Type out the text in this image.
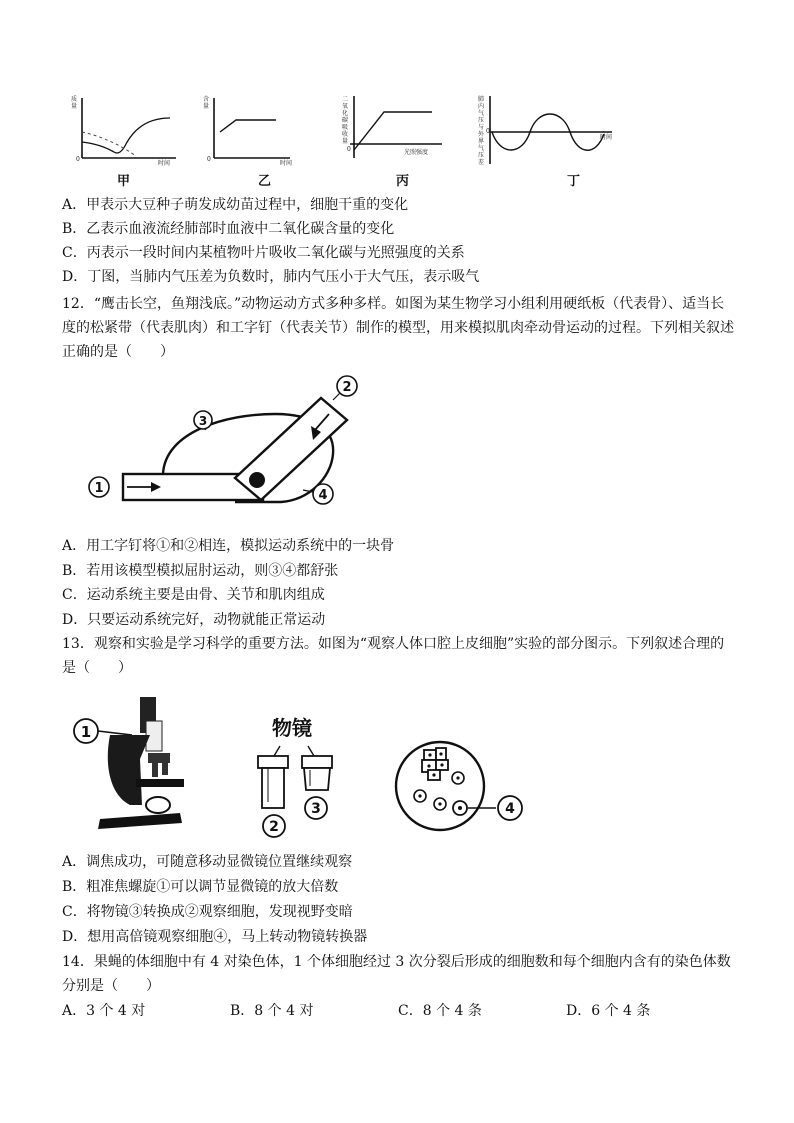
质量
时间
0
甲
含量
时间
0
乙
二氧化碳吸收量
光照强度
0
丙
肺内气压与外界气压差
时间
0
丁
A．甲表示大豆种子萌发成幼苗过程中，细胞干重的变化
B．乙表示血液流经肺部时血液中二氧化碳含量的变化
C．丙表示一段时间内某植物叶片吸收二氧化碳与光照强度的关系
D．丁图，当肺内气压差为负数时，肺内气压小于大气压，表示吸气
12．“鹰击长空，鱼翔浅底。”动物运动方式多种多样。如图为某生物学习小组利用硬纸板（代表骨）、适当长度的松紧带（代表肌肉）和工字钉（代表关节）制作的模型，用来模拟肌肉牵动骨运动的过程。下列相关叙述正确的是（　　）
1
2
3
4
A．用工字钉将①和②相连，模拟运动系统中的一块骨
B．若用该模型模拟屈肘运动，则③④都舒张
C．运动系统主要是由骨、关节和肌肉组成
D．只要运动系统完好，动物就能正常运动
13．观察和实验是学习科学的重要方法。如图为“观察人体口腔上皮细胞”实验的部分图示。下列叙述合理的是（　　）
1
2
3
物镜
4
A．调焦成功，可随意移动显微镜位置继续观察
B．粗准焦螺旋①可以调节显微镜的放大倍数
C．将物镜③转换成②观察细胞，发现视野变暗
D．想用高倍镜观察细胞④，马上转动物镜转换器
14．果蝇的体细胞中有 4 对染色体，1 个体细胞经过 3 次分裂后形成的细胞数和每个细胞内含有的染色体数分别是（　　）
A．3 个 4 对	B．8 个 4 对	C．8 个 4 条	D．6 个 4 条
